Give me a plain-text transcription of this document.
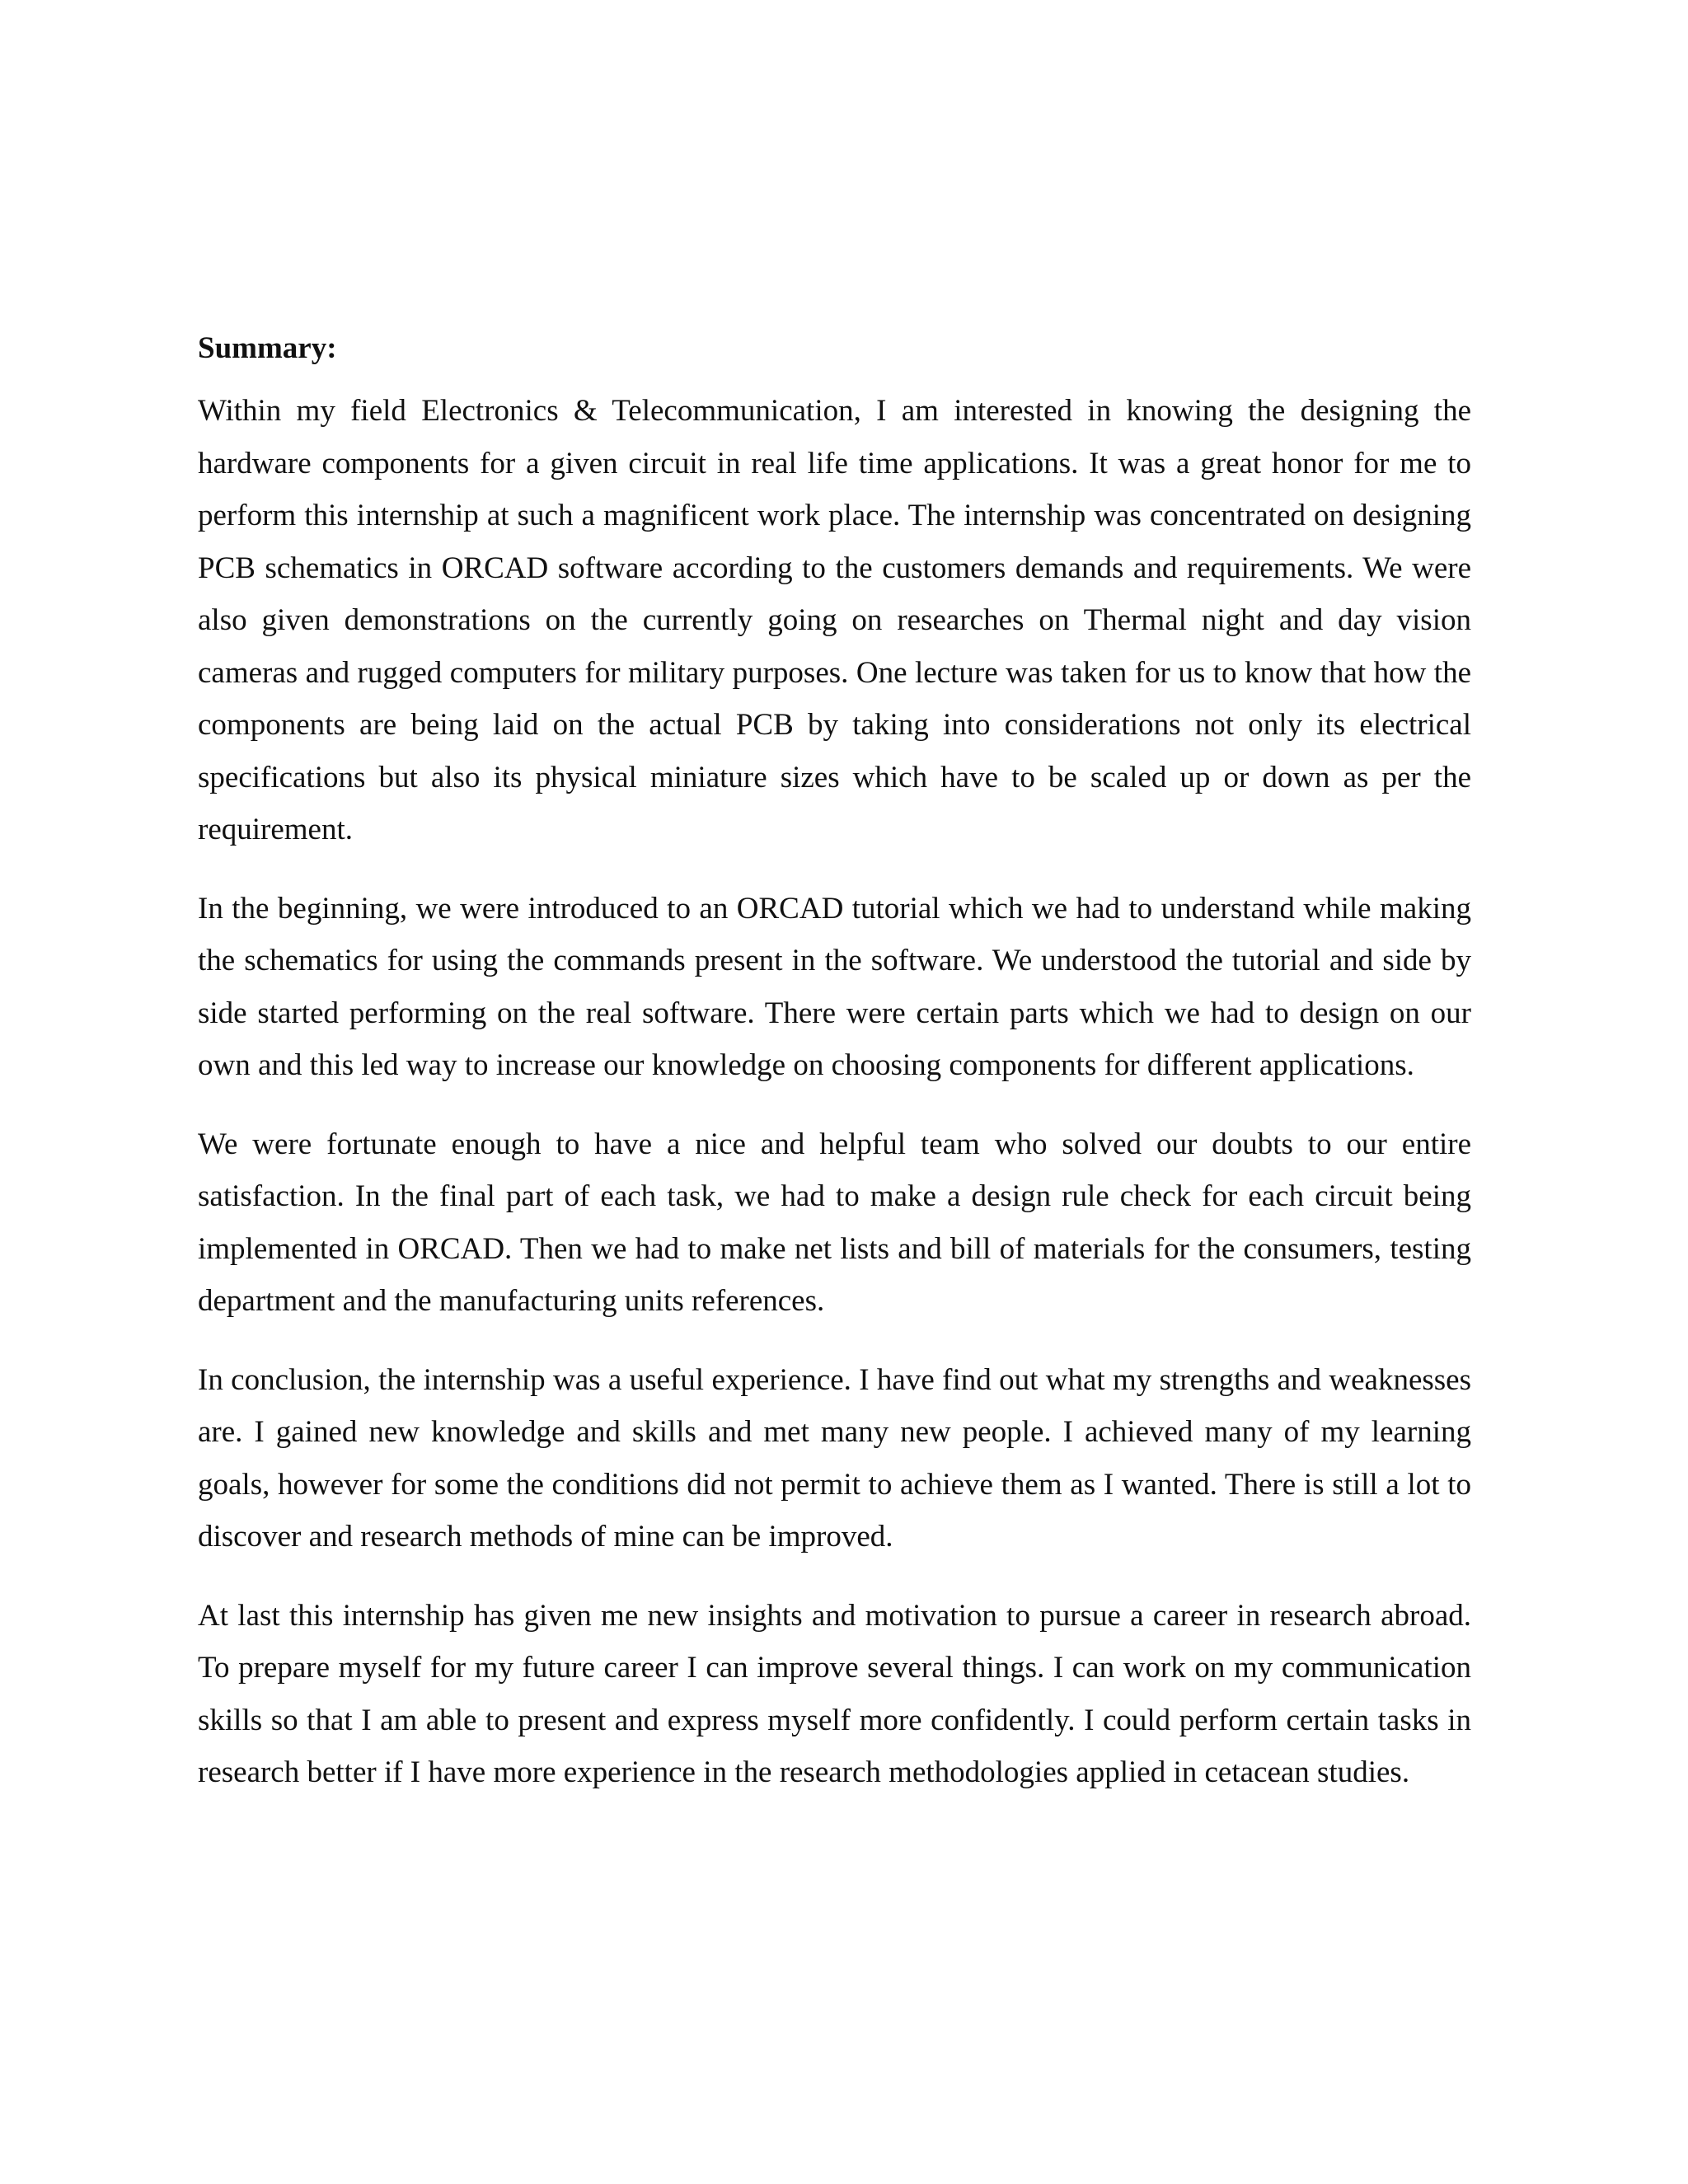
Summary:

Within my field Electronics & Telecommunication, I am interested in knowing the designing the hardware components for a given circuit in real life time applications. It was a great honor for me to perform this internship at such a magnificent work place. The internship was concentrated on designing PCB schematics in ORCAD software according to the customers demands and requirements. We were also given demonstrations on the currently going on researches on Thermal night and day vision cameras and rugged computers for military purposes. One lecture was taken for us to know that how the components are being laid on the actual PCB by taking into considerations not only its electrical specifications but also its physical miniature sizes which have to be scaled up or down as per the requirement.

In the beginning, we were introduced to an ORCAD tutorial which we had to understand while making the schematics for using the commands present in the software. We understood the tutorial and side by side started performing on the real software. There were certain parts which we had to design on our own and this led way to increase our knowledge on choosing components for different applications.

We were fortunate enough to have a nice and helpful team who solved our doubts to our entire satisfaction. In the final part of each task, we had to make a design rule check for each circuit being implemented in ORCAD. Then we had to make net lists and bill of materials for the consumers, testing department and the manufacturing units references.

In conclusion, the internship was a useful experience. I have find out what my strengths and weaknesses are. I gained new knowledge and skills and met many new people. I achieved many of my learning goals, however for some the conditions did not permit to achieve them as I wanted. There is still a lot to discover and research methods of mine can be improved.

At last this internship has given me new insights and motivation to pursue a career in research abroad. To prepare myself for my future career I can improve several things. I can work on my communication skills so that I am able to present and express myself more confidently. I could perform certain tasks in research better if I have more experience in the research methodologies applied in cetacean studies.
